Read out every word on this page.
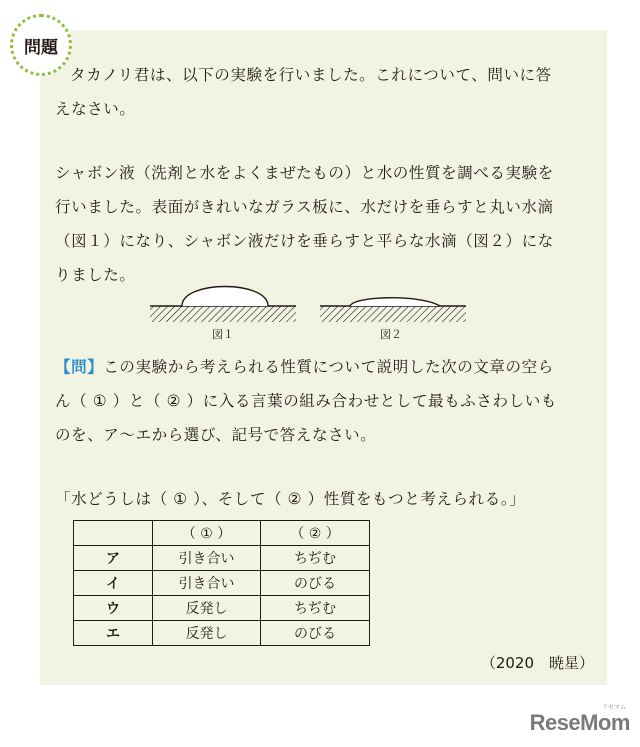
問題
タカノリ君は、以下の実験を行いました。これについて、問いに答
えなさい。
シャボン液（洗剤と水をよくまぜたもの）と水の性質を調べる実験を
行いました。表面がきれいなガラス板に、水だけを垂らすと丸い水滴
（図１）になり、シャボン液だけを垂らすと平らな水滴（図２）にな
りました。
図１	図２
【問】この実験から考えられる性質について説明した次の文章の空ら
ん（ ① ）と（ ② ）に入る言葉の組み合わせとして最もふさわしいも
のを、ア〜エから選び、記号で答えなさい。
「水どうしは（ ① ）、そして（ ② ）性質をもつと考えられる。」
	（ ① ）	（ ② ）
ア	引き合い	ちぢむ
イ	引き合い	のびる
ウ	反発し	ちぢむ
エ	反発し	のびる
（2020　暁星）
リセマム
ReseMom
